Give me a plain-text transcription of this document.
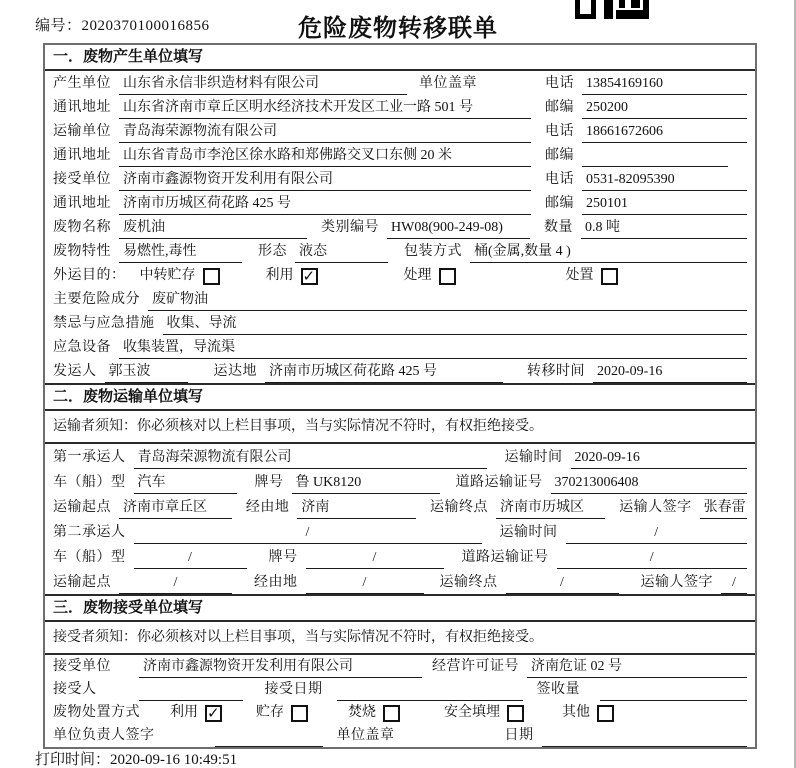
编号：2020370100016856	危险废物转移联单
一．废物产生单位填写
产生单位 山东省永信非织造材料有限公司	单位盖章	电话 13854169160
通讯地址 山东省济南市章丘区明水经济技术开发区工业一路 501 号	邮编 250200
运输单位 青岛海荣源物流有限公司	电话 18661672606
通讯地址 山东省青岛市李沧区徐水路和郑佛路交叉口东侧 20 米	邮编
接受单位 济南市鑫源物资开发利用有限公司	电话 0531-82095390
通讯地址 济南市历城区荷花路 425 号	邮编 250101
废物名称 废机油	类别编号 HW08(900-249-08)	数量 0.8 吨
废物特性 易燃性,毒性	形态 液态	包装方式 桶(金属,数量 4 )
外运目的： 中转贮存	利用 ✓	处理	处置
主要危险成分 废矿物油
禁忌与应急措施 收集、导流
应急设备 收集装置，导流渠
发运人 郭玉波	运达地 济南市历城区荷花路 425 号	转移时间 2020-09-16
二．废物运输单位填写
运输者须知：你必须核对以上栏目事项，当与实际情况不符时，有权拒绝接受。
第一承运人 青岛海荣源物流有限公司	运输时间 2020-09-16
车（船）型 汽车	牌号 鲁 UK8120	道路运输证号 370213006408
运输起点 济南市章丘区	经由地 济南	运输终点 济南市历城区	运输人签字 张春雷
第二承运人	/	运输时间	/
车（船）型	/	牌号	/	道路运输证号	/
运输起点	/	经由地	/	运输终点	/	运输人签字	/
三．废物接受单位填写
接受者须知：你必须核对以上栏目事项，当与实际情况不符时，有权拒绝接受。
接受单位 济南市鑫源物资开发利用有限公司	经营许可证号 济南危证 02 号
接受人	接受日期	签收量
废物处置方式 利用 ✓	贮存	焚烧	安全填埋	其他
单位负责人签字	单位盖章	日期
打印时间：2020-09-16 10:49:51
